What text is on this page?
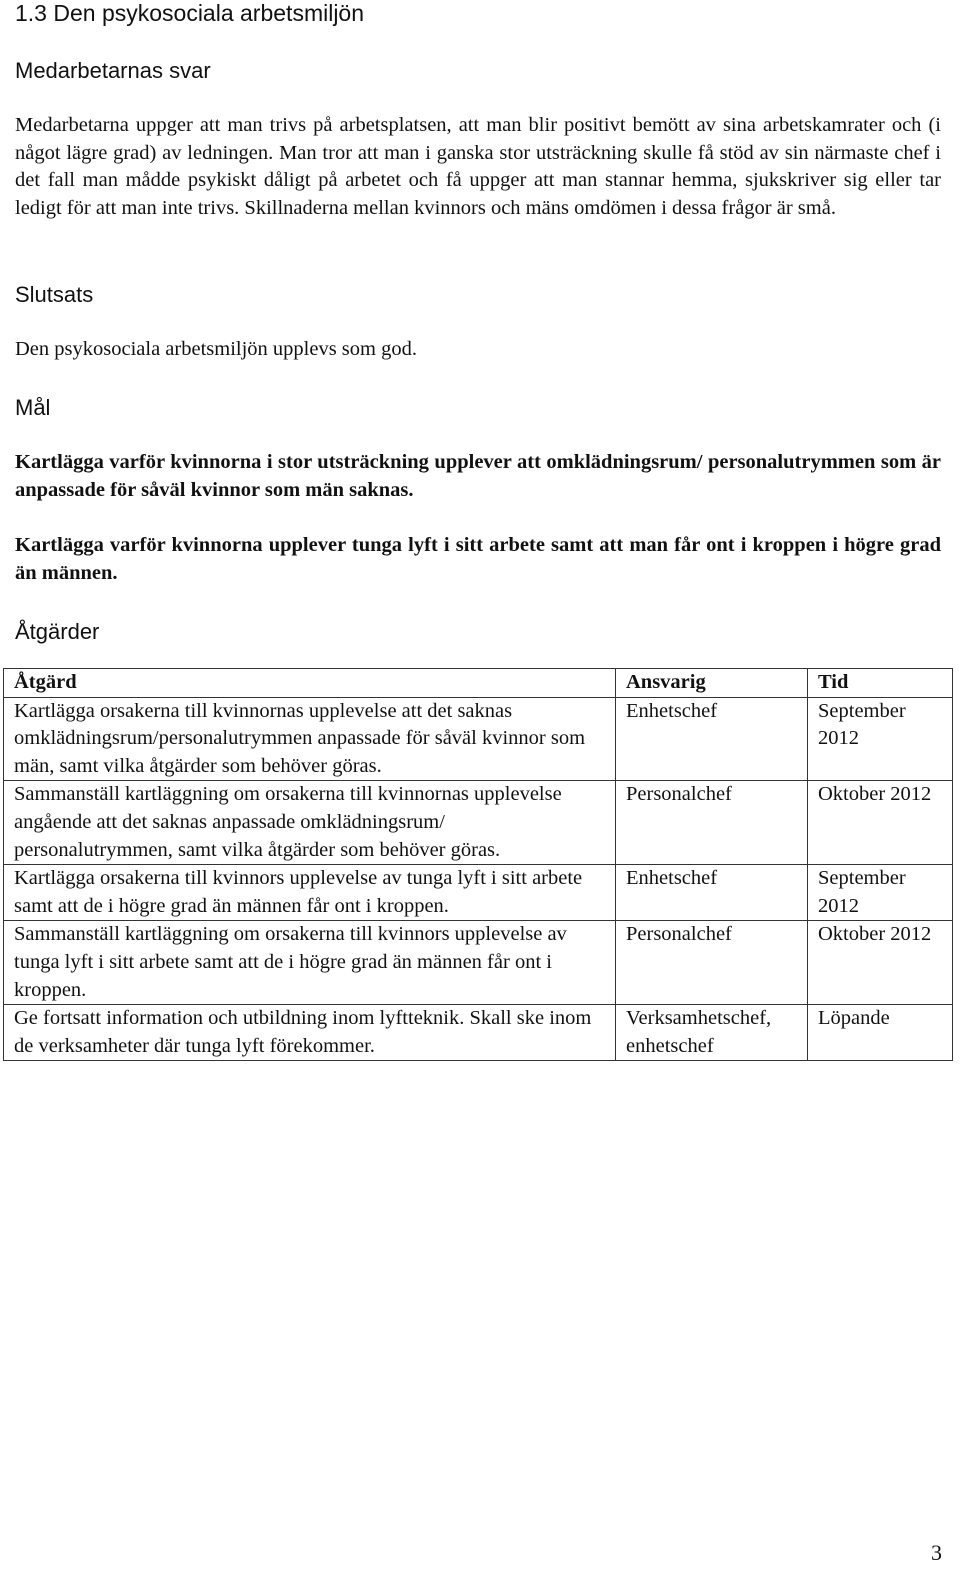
1.3 Den psykosociala arbetsmiljön
Medarbetarnas svar

Medarbetarna uppger att man trivs på arbetsplatsen, att man blir positivt bemött av sina arbetskamrater och (i något lägre grad) av ledningen. Man tror att man i ganska stor utsträckning skulle få stöd av sin närmaste chef i det fall man mådde psykiskt dåligt på arbetet och få uppger att man stannar hemma, sjukskriver sig eller tar ledigt för att man inte trivs. Skillnaderna mellan kvinnors och mäns omdömen i dessa frågor är små.

Slutsats

Den psykosociala arbetsmiljön upplevs som god.

Mål

Kartlägga varför kvinnorna i stor utsträckning upplever att omklädningsrum/ personalutrymmen som är anpassade för såväl kvinnor som män saknas.

Kartlägga varför kvinnorna upplever tunga lyft i sitt arbete samt att man får ont i kroppen i högre grad än männen.

Åtgärder
Åtgärd	Ansvarig	Tid
Kartlägga orsakerna till kvinnornas upplevelse att det saknas omklädningsrum/personalutrymmen anpassade för såväl kvinnor som män, samt vilka åtgärder som behöver göras.	Enhetschef	September 2012
Sammanställ kartläggning om orsakerna till kvinnornas upplevelse angående att det saknas anpassade omklädningsrum/ personalutrymmen, samt vilka åtgärder som behöver göras.	Personalchef	Oktober 2012
Kartlägga orsakerna till kvinnors upplevelse av tunga lyft i sitt arbete samt att de i högre grad än männen får ont i kroppen.	Enhetschef	September 2012
Sammanställ kartläggning om orsakerna till kvinnors upplevelse av tunga lyft i sitt arbete samt att de i högre grad än männen får ont i kroppen.	Personalchef	Oktober 2012
Ge fortsatt information och utbildning inom lyftteknik. Skall ske inom de verksamheter där tunga lyft förekommer.	Verksamhetschef, enhetschef	Löpande
3
